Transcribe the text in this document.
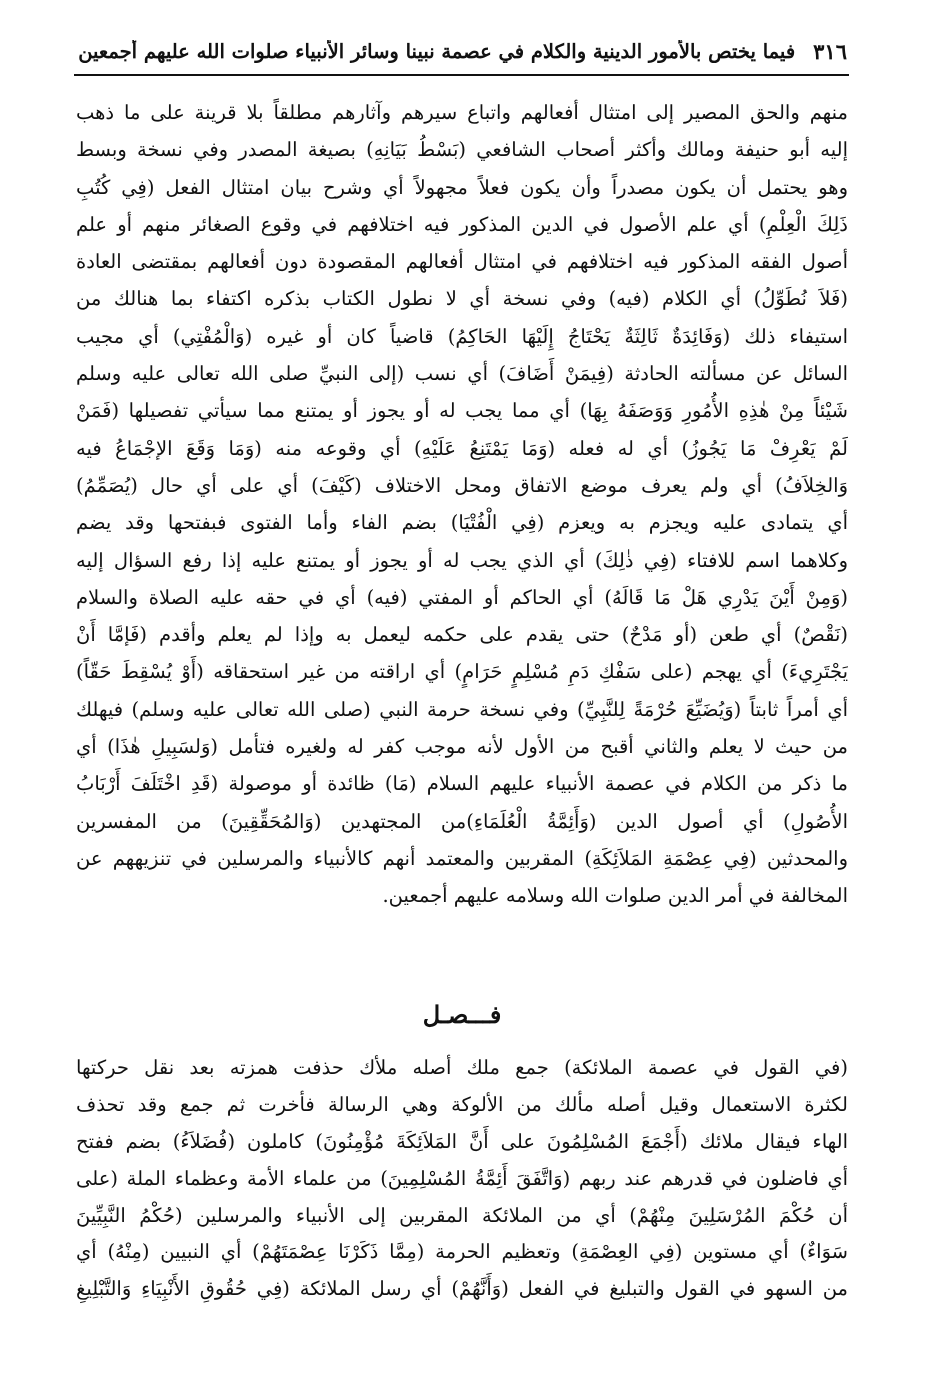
٣١٦
فيما يختص بالأمور الدينية والكلام في عصمة نبينا وسائر الأنبياء صلوات الله عليهم أجمعين
منهم والحق المصير إلى امتثال أفعالهم واتباع سيرهم وآثارهم مطلقاً بلا قرينة على ما ذهب
إليه أبو حنيفة ومالك وأكثر أصحاب الشافعي (بَسْطُ بَيَانِهِ) بصيغة المصدر وفي نسخة وبسط
وهو يحتمل أن يكون مصدراً وأن يكون فعلاً مجهولاً أي وشرح بيان امتثال الفعل (فِي كُتُبِ
ذَلِكَ الْعِلْمِ) أي علم الأصول في الدين المذكور فيه اختلافهم في وقوع الصغائر منهم أو علم
أصول الفقه المذكور فيه اختلافهم في امتثال أفعالهم المقصودة دون أفعالهم بمقتضى العادة
(فَلاَ نُطَوِّلُ) أي الكلام (فيه) وفي نسخة أي لا نطول الكتاب بذكره اكتفاء بما هنالك من
استيفاء ذلك (وَفَائِدَةٌ ثَالِثَةٌ يَحْتَاجُ إِلَيْهَا الحَاكِمُ) قاضياً كان أو غيره (وَالْمُفْتِي) أي مجيب
السائل عن مسألته الحادثة (فِيمَنْ أَضَافَ) أي نسب (إلى النبيِّ صلى الله تعالى عليه وسلم
شَيْئاً مِنْ هٰذِهِ الأُمُورِ وَوَصَفَهُ بِهَا) أي مما يجب له أو يجوز أو يمتنع مما سيأتي تفصيلها (فَمَنْ
لَمْ يَعْرِفْ مَا يَجُوزُ) أي له فعله (وَمَا يَمْتَنِعُ عَلَيْهِ) أي وقوعه منه (وَمَا وَقَعَ الإجْمَاعُ فيه
وَالخِلاَفُ) أي ولم يعرف موضع الاتفاق ومحل الاختلاف (كَيْفَ) أي على أي حال (يُصَمِّمُ)
أي يتمادى عليه ويجزم به ويعزم (فِي الْفُتْيَا) بضم الفاء وأما الفتوى فبفتحها وقد يضم
وكلاهما اسم للافتاء (فِي ذٰلِكَ) أي الذي يجب له أو يجوز أو يمتنع عليه إذا رفع السؤال إليه
(وَمِنْ أَيْنَ يَدْرِي هَلْ مَا قَالَهُ) أي الحاكم أو المفتي (فيه) أي في حقه عليه الصلاة والسلام
(نَقْصٌ) أي طعن (أو مَدْحٌ) حتى يقدم على حكمه ليعمل به وإذا لم يعلم وأقدم (فَإمَّا أَنْ
يَجْتَرِيءَ) أي يهجم (على سَفْكِ دَمِ مُسْلِمٍ حَرَامٍ) أي اراقته من غير استحقاقه (أَوْ يُسْقِطَ حَقّاً)
أي أمراً ثابتاً (وَيُضَيِّعَ حُرْمَةً لِلنَّبِيِّ) وفي نسخة حرمة النبي (صلى الله تعالى عليه وسلم) فيهلك
من حيث لا يعلم والثاني أقبح من الأول لأنه موجب كفر له ولغيره فتأمل (وَلسَبِيلِ هٰذَا) أي
ما ذكر من الكلام في عصمة الأنبياء عليهم السلام (مَا) ظائدة أو موصولة (قَدِ اخْتَلَفَ أَرْبَابُ
الأُصُولِ) أي أصول الدين (وَأَئِمَّةُ الْعُلَمَاءِ)من المجتهدين (وَالمُحَقِّقِينَ) من المفسرين
والمحدثين (فِي عِصْمَةِ المَلاَئِكَةِ) المقربين والمعتمد أنهم كالأنبياء والمرسلين في تنزيههم عن
المخالفة في أمر الدين صلوات الله وسلامه عليهم أجمعين.
فـــصـل
(في القول في عصمة الملائكة) جمع ملك أصله ملأك حذفت همزته بعد نقل حركتها
لكثرة الاستعمال وقيل أصله مألك من الألوكة وهي الرسالة فأخرت ثم جمع وقد تحذف
الهاء فيقال ملائك (أَجْمَعَ المُسْلِمُونَ على أَنَّ المَلاَئِكَةَ مُؤْمِنُونَ) كاملون (فُضَلاَءُ) بضم ففتح
أي فاضلون في قدرهم عند ربهم (وَاتَّفَقَ أَئِمَّةُ المُسْلِمِينَ) من علماء الأمة وعظماء الملة (على
أن حُكْمَ المُرْسَلِينَ مِنْهُمْ) أي من الملائكة المقربين إلى الأنبياء والمرسلين (حُكْمُ النَّبِيِّينَ
سَوَاءٌ) أي مستوين (فِي العِصْمَةِ) وتعظيم الحرمة (مِمَّا ذَكَرْنَا عِصْمَتَهُمْ) أي النبيين (مِنْهُ) أي
من السهو في القول والتبليغ في الفعل (وَأَنَّهُمْ) أي رسل الملائكة (فِي حُقُوقِ الأَنْبِيَاءِ وَالتَّبْلِيغِ
